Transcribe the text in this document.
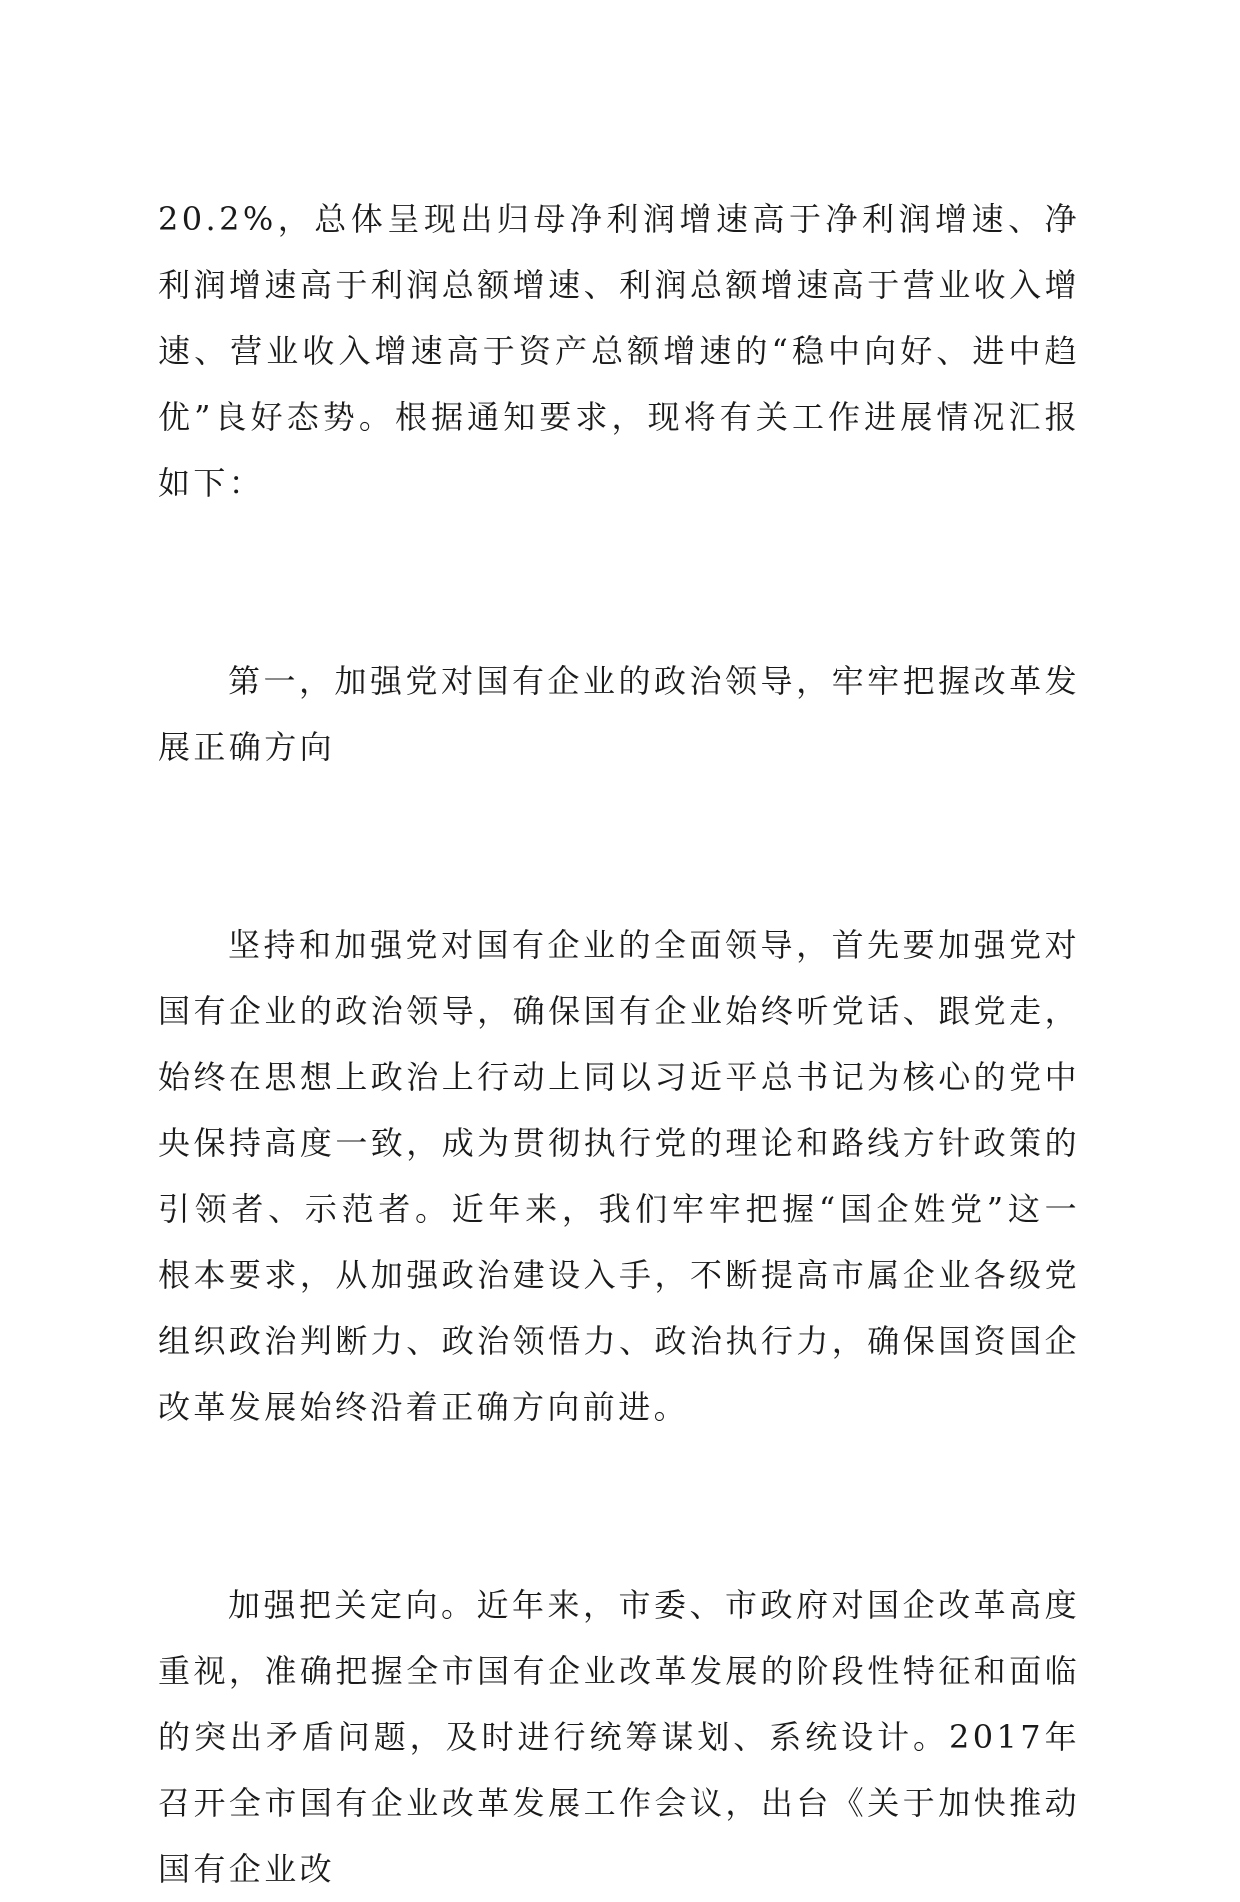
20.2%，总体呈现出归母净利润增速高于净利润增速、净利润增速高于利润总额增速、利润总额增速高于营业收入增速、营业收入增速高于资产总额增速的“稳中向好、进中趋优”良好态势。根据通知要求，现将有关工作进展情况汇报如下：

第一，加强党对国有企业的政治领导，牢牢把握改革发展正确方向

坚持和加强党对国有企业的全面领导，首先要加强党对国有企业的政治领导，确保国有企业始终听党话、跟党走，始终在思想上政治上行动上同以习近平总书记为核心的党中央保持高度一致，成为贯彻执行党的理论和路线方针政策的引领者、示范者。近年来，我们牢牢把握“国企姓党”这一根本要求，从加强政治建设入手，不断提高市属企业各级党组织政治判断力、政治领悟力、政治执行力，确保国资国企改革发展始终沿着正确方向前进。

加强把关定向。近年来，市委、市政府对国企改革高度重视，准确把握全市国有企业改革发展的阶段性特征和面临的突出矛盾问题，及时进行统筹谋划、系统设计。2017年召开全市国有企业改革发展工作会议，出台《关于加快推动国有企业改
